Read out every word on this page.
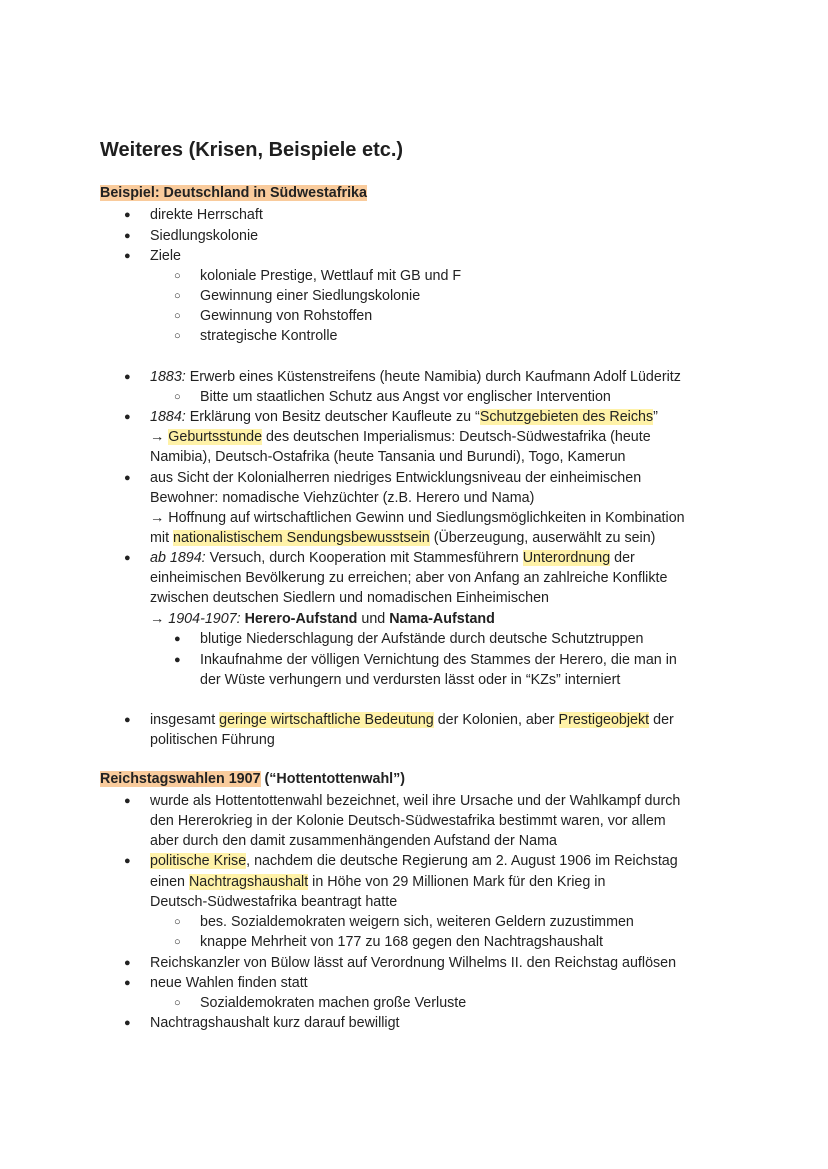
Weiteres (Krisen, Beispiele etc.)
Beispiel: Deutschland in Südwestafrika
● direkte Herrschaft
● Siedlungskolonie
● Ziele
○ koloniale Prestige, Wettlauf mit GB und F
○ Gewinnung einer Siedlungskolonie
○ Gewinnung von Rohstoffen
○ strategische Kontrolle
● 1883: Erwerb eines Küstenstreifens (heute Namibia) durch Kaufmann Adolf Lüderitz
○ Bitte um staatlichen Schutz aus Angst vor englischer Intervention
● 1884: Erklärung von Besitz deutscher Kaufleute zu “Schutzgebieten des Reichs”
→ Geburtsstunde des deutschen Imperialismus: Deutsch-Südwestafrika (heute
Namibia), Deutsch-Ostafrika (heute Tansania und Burundi), Togo, Kamerun
● aus Sicht der Kolonialherren niedriges Entwicklungsniveau der einheimischen
Bewohner: nomadische Viehzüchter (z.B. Herero und Nama)
→ Hoffnung auf wirtschaftlichen Gewinn und Siedlungsmöglichkeiten in Kombination
mit nationalistischem Sendungsbewusstsein (Überzeugung, auserwählt zu sein)
● ab 1894: Versuch, durch Kooperation mit Stammesführern Unterordnung der
einheimischen Bevölkerung zu erreichen; aber von Anfang an zahlreiche Konflikte
zwischen deutschen Siedlern und nomadischen Einheimischen
→ 1904-1907: Herero-Aufstand und Nama-Aufstand
● blutige Niederschlagung der Aufstände durch deutsche Schutztruppen
● Inkaufnahme der völligen Vernichtung des Stammes der Herero, die man in
der Wüste verhungern und verdursten lässt oder in “KZs” interniert
● insgesamt geringe wirtschaftliche Bedeutung der Kolonien, aber Prestigeobjekt der
politischen Führung
Reichstagswahlen 1907 (“Hottentottenwahl”)
● wurde als Hottentottenwahl bezeichnet, weil ihre Ursache und der Wahlkampf durch
den Hererokrieg in der Kolonie Deutsch-Südwestafrika bestimmt waren, vor allem
aber durch den damit zusammenhängenden Aufstand der Nama
● politische Krise, nachdem die deutsche Regierung am 2. August 1906 im Reichstag
einen Nachtragshaushalt in Höhe von 29 Millionen Mark für den Krieg in
Deutsch-Südwestafrika beantragt hatte
○ bes. Sozialdemokraten weigern sich, weiteren Geldern zuzustimmen
○ knappe Mehrheit von 177 zu 168 gegen den Nachtragshaushalt
● Reichskanzler von Bülow lässt auf Verordnung Wilhelms II. den Reichstag auflösen
● neue Wahlen finden statt
○ Sozialdemokraten machen große Verluste
● Nachtragshaushalt kurz darauf bewilligt
